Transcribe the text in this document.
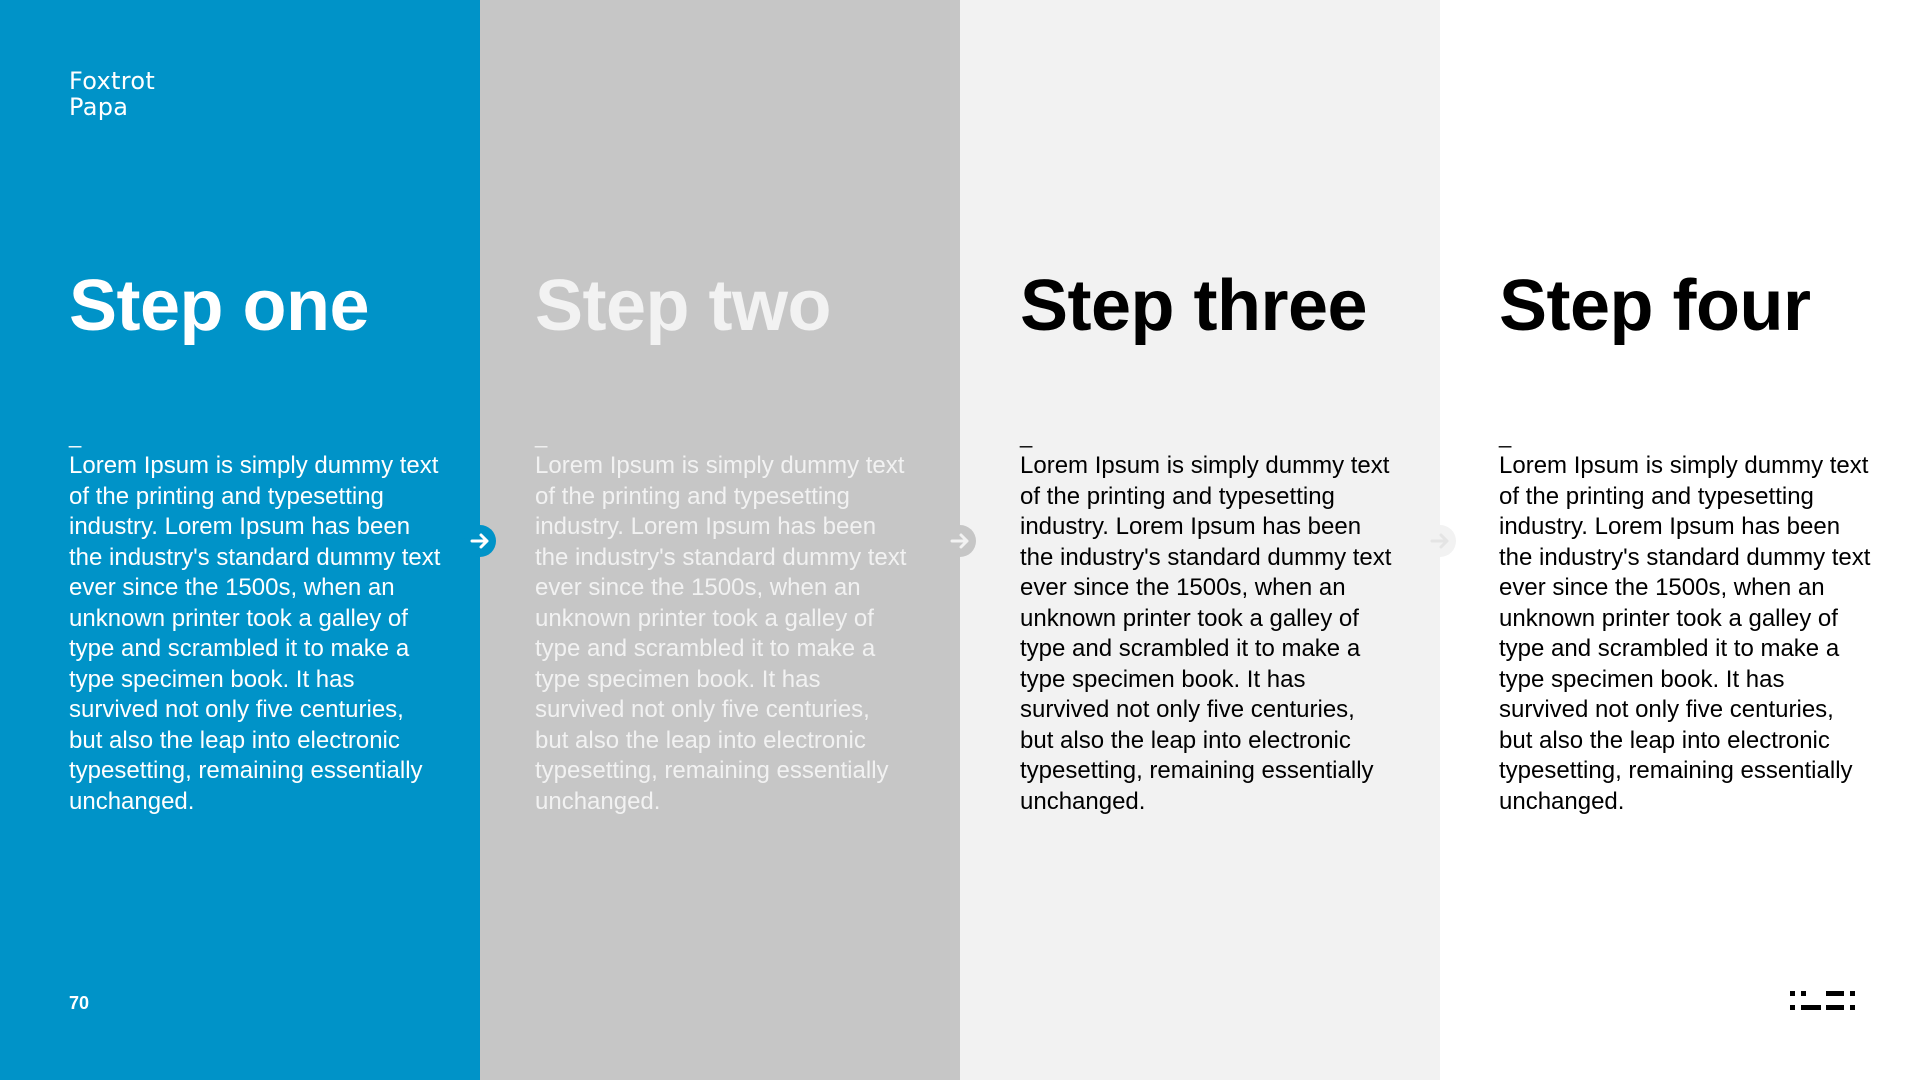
Foxtrot
Papa
Step one
_

Lorem Ipsum is simply dummy text of the printing and typesetting industry. Lorem Ipsum has been the industry's standard dummy text ever since the 1500s, when an unknown printer took a galley of type and scrambled it to make a type specimen book. It has survived not only five centuries, but also the leap into electronic typesetting, remaining essentially unchanged.

70
Step two
_

Lorem Ipsum is simply dummy text of the printing and typesetting industry. Lorem Ipsum has been the industry's standard dummy text ever since the 1500s, when an unknown printer took a galley of type and scrambled it to make a type specimen book. It has survived not only five centuries, but also the leap into electronic typesetting, remaining essentially unchanged.

Step three
_

Lorem Ipsum is simply dummy text of the printing and typesetting industry. Lorem Ipsum has been the industry's standard dummy text ever since the 1500s, when an unknown printer took a galley of type and scrambled it to make a type specimen book. It has survived not only five centuries, but also the leap into electronic typesetting, remaining essentially unchanged.

Step four
_

Lorem Ipsum is simply dummy text of the printing and typesetting industry. Lorem Ipsum has been the industry's standard dummy text ever since the 1500s, when an unknown printer took a galley of type and scrambled it to make a type specimen book. It has survived not only five centuries, but also the leap into electronic typesetting, remaining essentially unchanged.
